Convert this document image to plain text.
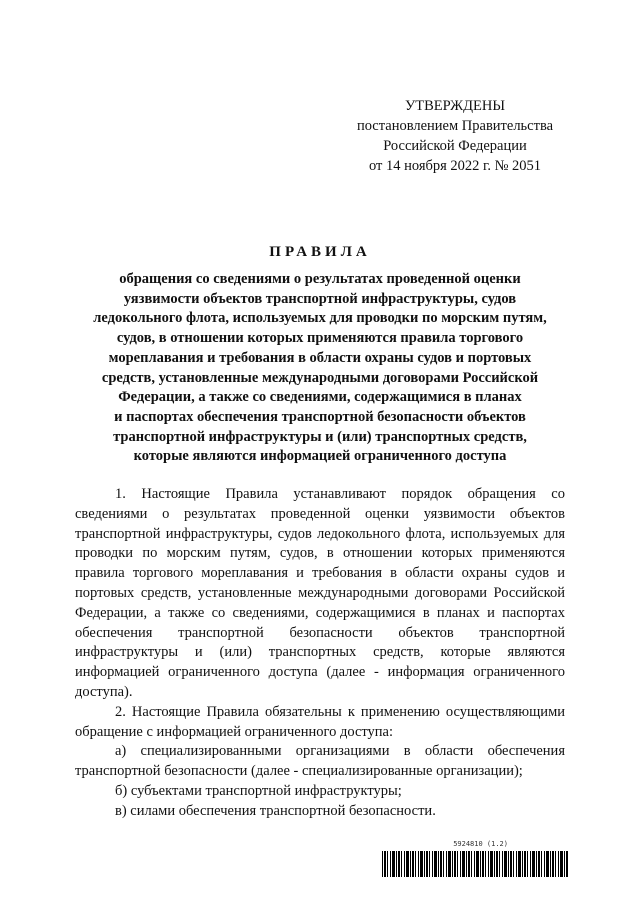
УТВЕРЖДЕНЫ
постановлением Правительства
Российской Федерации
от 14 ноября 2022 г. № 2051
ПРАВИЛА
обращения со сведениями о результатах проведенной оценки
уязвимости объектов транспортной инфраструктуры, судов
ледокольного флота, используемых для проводки по морским путям,
судов, в отношении которых применяются правила торгового
мореплавания и требования в области охраны судов и портовых
средств, установленные международными договорами Российской
Федерации, а также со сведениями, содержащимися в планах
и паспортах обеспечения транспортной безопасности объектов
транспортной инфраструктуры и (или) транспортных средств,
которые являются информацией ограниченного доступа

1. Настоящие Правила устанавливают порядок обращения со сведениями о результатах проведенной оценки уязвимости объектов транспортной инфраструктуры, судов ледокольного флота, используемых для проводки по морским путям, судов, в отношении которых применяются правила торгового мореплавания и требования в области охраны судов и портовых средств, установленные международными договорами Российской Федерации, а также со сведениями, содержащимися в планах и паспортах обеспечения транспортной безопасности объектов транспортной инфраструктуры и (или) транспортных средств, которые являются информацией ограниченного доступа (далее - информация ограниченного доступа).

2. Настоящие Правила обязательны к применению осуществляющими обращение с информацией ограниченного доступа:

а) специализированными организациями в области обеспечения транспортной безопасности (далее - специализированные организации);

б) субъектами транспортной инфраструктуры;

в) силами обеспечения транспортной безопасности.

5924810 (1.2)
